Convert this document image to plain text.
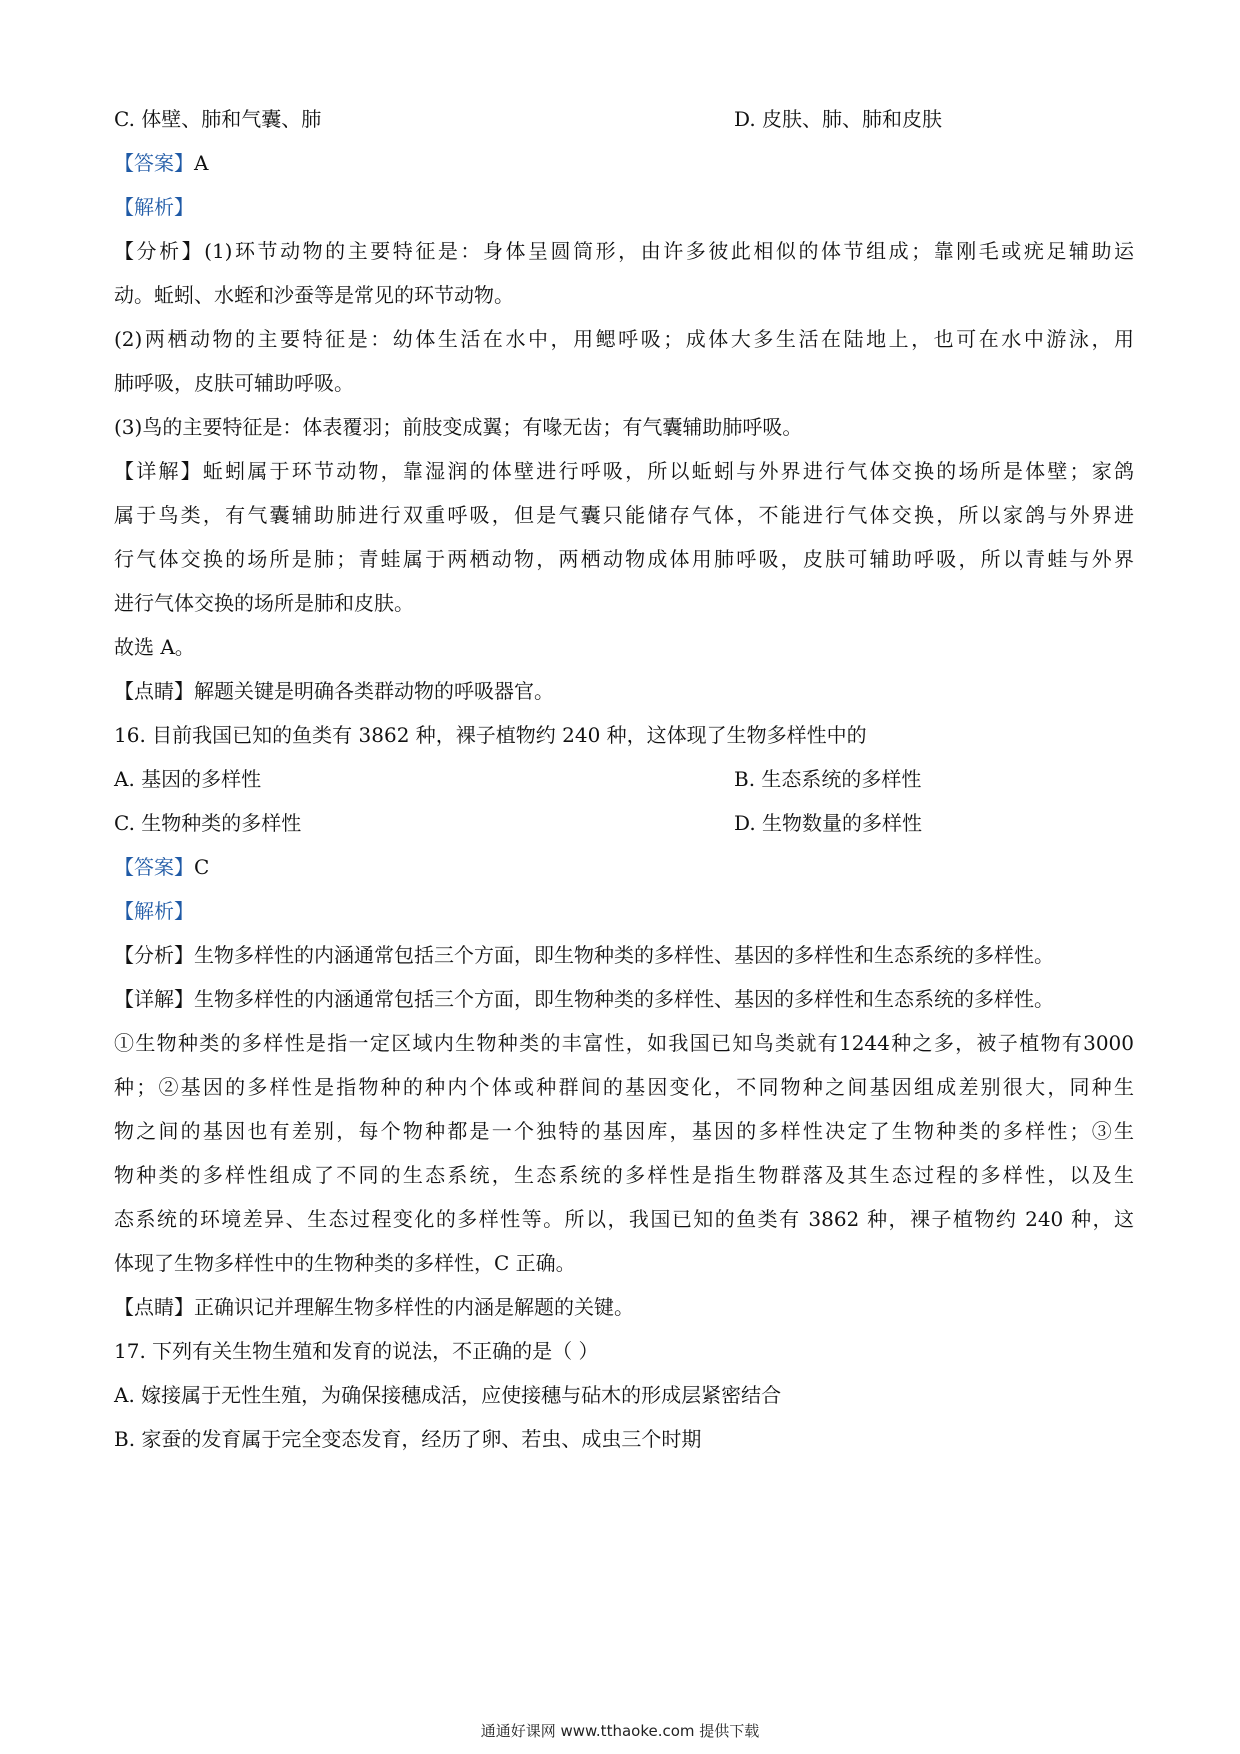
C. 体壁、肺和气囊、肺	D. 皮肤、肺、肺和皮肤
【答案】A
【解析】
【分析】(1)环节动物的主要特征是：身体呈圆筒形，由许多彼此相似的体节组成；靠刚毛或疣足辅助运
动。蚯蚓、水蛭和沙蚕等是常见的环节动物。
(2)两栖动物的主要特征是：幼体生活在水中，用鳃呼吸；成体大多生活在陆地上，也可在水中游泳，用
肺呼吸，皮肤可辅助呼吸。
(3)鸟的主要特征是：体表覆羽；前肢变成翼；有喙无齿；有气囊辅助肺呼吸。
【详解】蚯蚓属于环节动物，靠湿润的体壁进行呼吸，所以蚯蚓与外界进行气体交换的场所是体壁；家鸽
属于鸟类，有气囊辅助肺进行双重呼吸，但是气囊只能储存气体，不能进行气体交换，所以家鸽与外界进
行气体交换的场所是肺；青蛙属于两栖动物，两栖动物成体用肺呼吸，皮肤可辅助呼吸，所以青蛙与外界
进行气体交换的场所是肺和皮肤。
故选 A。
【点睛】解题关键是明确各类群动物的呼吸器官。
16. 目前我国已知的鱼类有 3862 种，裸子植物约 240 种，这体现了生物多样性中的
A. 基因的多样性	B. 生态系统的多样性
C. 生物种类的多样性	D. 生物数量的多样性
【答案】C
【解析】
【分析】生物多样性的内涵通常包括三个方面，即生物种类的多样性、基因的多样性和生态系统的多样性。
【详解】生物多样性的内涵通常包括三个方面，即生物种类的多样性、基因的多样性和生态系统的多样性。
①生物种类的多样性是指一定区域内生物种类的丰富性，如我国已知鸟类就有1244种之多，被子植物有3000
种；②基因的多样性是指物种的种内个体或种群间的基因变化，不同物种之间基因组成差别很大，同种生
物之间的基因也有差别，每个物种都是一个独特的基因库，基因的多样性决定了生物种类的多样性；③生
物种类的多样性组成了不同的生态系统，生态系统的多样性是指生物群落及其生态过程的多样性，以及生
态系统的环境差异、生态过程变化的多样性等。所以，我国已知的鱼类有 3862 种，裸子植物约 240 种，这
体现了生物多样性中的生物种类的多样性，C 正确。
【点睛】正确识记并理解生物多样性的内涵是解题的关键。
17. 下列有关生物生殖和发育的说法，不正确的是（ ）
A. 嫁接属于无性生殖，为确保接穗成活，应使接穗与砧木的形成层紧密结合
B. 家蚕的发育属于完全变态发育，经历了卵、若虫、成虫三个时期
通通好课网 www.tthaoke.com 提供下载
